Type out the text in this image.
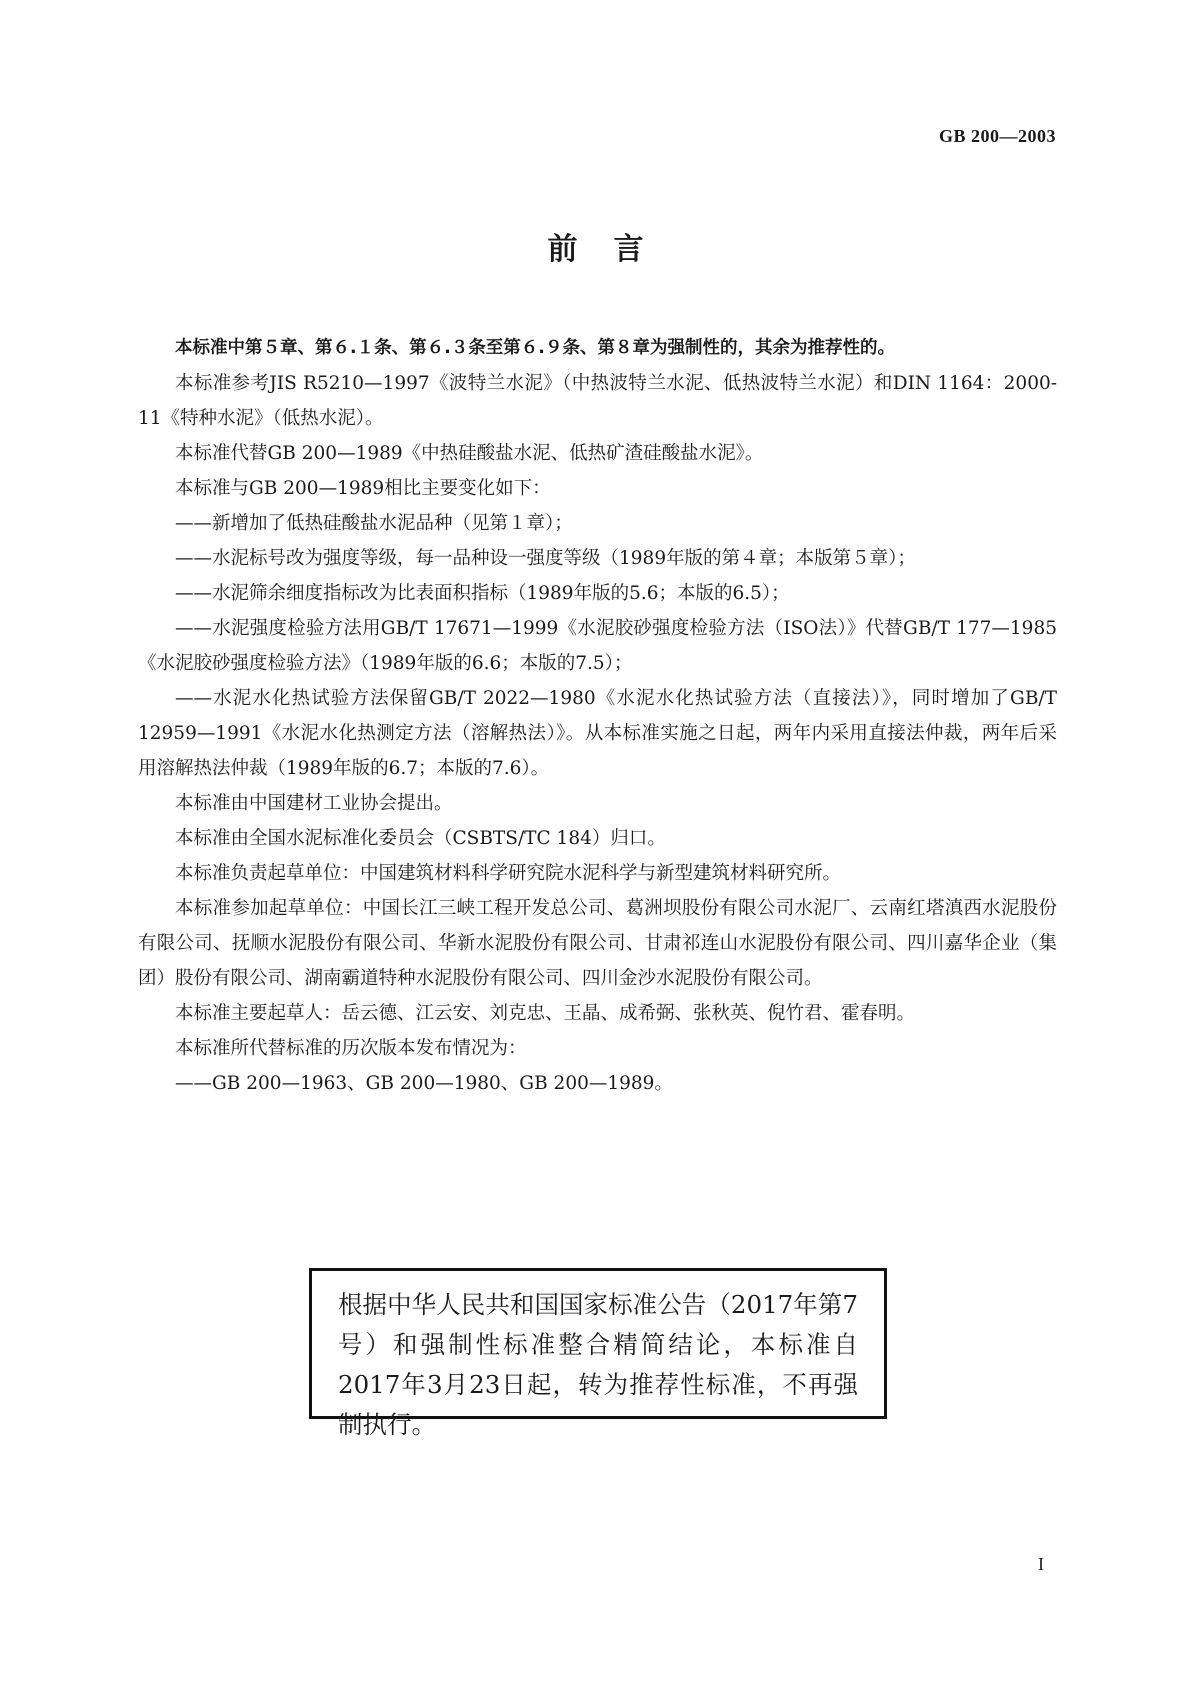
GB 200—2003
前言

本标准中第５章、第６.１条、第６.３条至第６.９条、第８章为强制性的，其余为推荐性的。

本标准参考JIS R5210—1997《波特兰水泥》（中热波特兰水泥、低热波特兰水泥）和DIN 1164：2000-11《特种水泥》（低热水泥）。

本标准代替GB 200—1989《中热硅酸盐水泥、低热矿渣硅酸盐水泥》。

本标准与GB 200—1989相比主要变化如下：

——新增加了低热硅酸盐水泥品种（见第１章）；

——水泥标号改为强度等级，每一品种设一强度等级（1989年版的第４章；本版第５章）；

——水泥筛余细度指标改为比表面积指标（1989年版的5.6；本版的6.5）；

——水泥强度检验方法用GB/T 17671—1999《水泥胶砂强度检验方法（ISO法）》代替GB/T 177—1985《水泥胶砂强度检验方法》（1989年版的6.6；本版的7.5）；

——水泥水化热试验方法保留GB/T 2022—1980《水泥水化热试验方法（直接法）》，同时增加了GB/T 12959—1991《水泥水化热测定方法（溶解热法）》。从本标准实施之日起，两年内采用直接法仲裁，两年后采用溶解热法仲裁（1989年版的6.7；本版的7.6）。

本标准由中国建材工业协会提出。

本标准由全国水泥标准化委员会（CSBTS/TC 184）归口。

本标准负责起草单位：中国建筑材料科学研究院水泥科学与新型建筑材料研究所。

本标准参加起草单位：中国长江三峡工程开发总公司、葛洲坝股份有限公司水泥厂、云南红塔滇西水泥股份有限公司、抚顺水泥股份有限公司、华新水泥股份有限公司、甘肃祁连山水泥股份有限公司、四川嘉华企业（集团）股份有限公司、湖南霸道特种水泥股份有限公司、四川金沙水泥股份有限公司。

本标准主要起草人：岳云德、江云安、刘克忠、王晶、成希弼、张秋英、倪竹君、霍春明。

本标准所代替标准的历次版本发布情况为：

——GB 200—1963、GB 200—1980、GB 200—1989。

根据中华人民共和国国家标准公告（2017年第7号）和强制性标准整合精简结论，本标准自2017年3月23日起，转为推荐性标准，不再强制执行。

I
